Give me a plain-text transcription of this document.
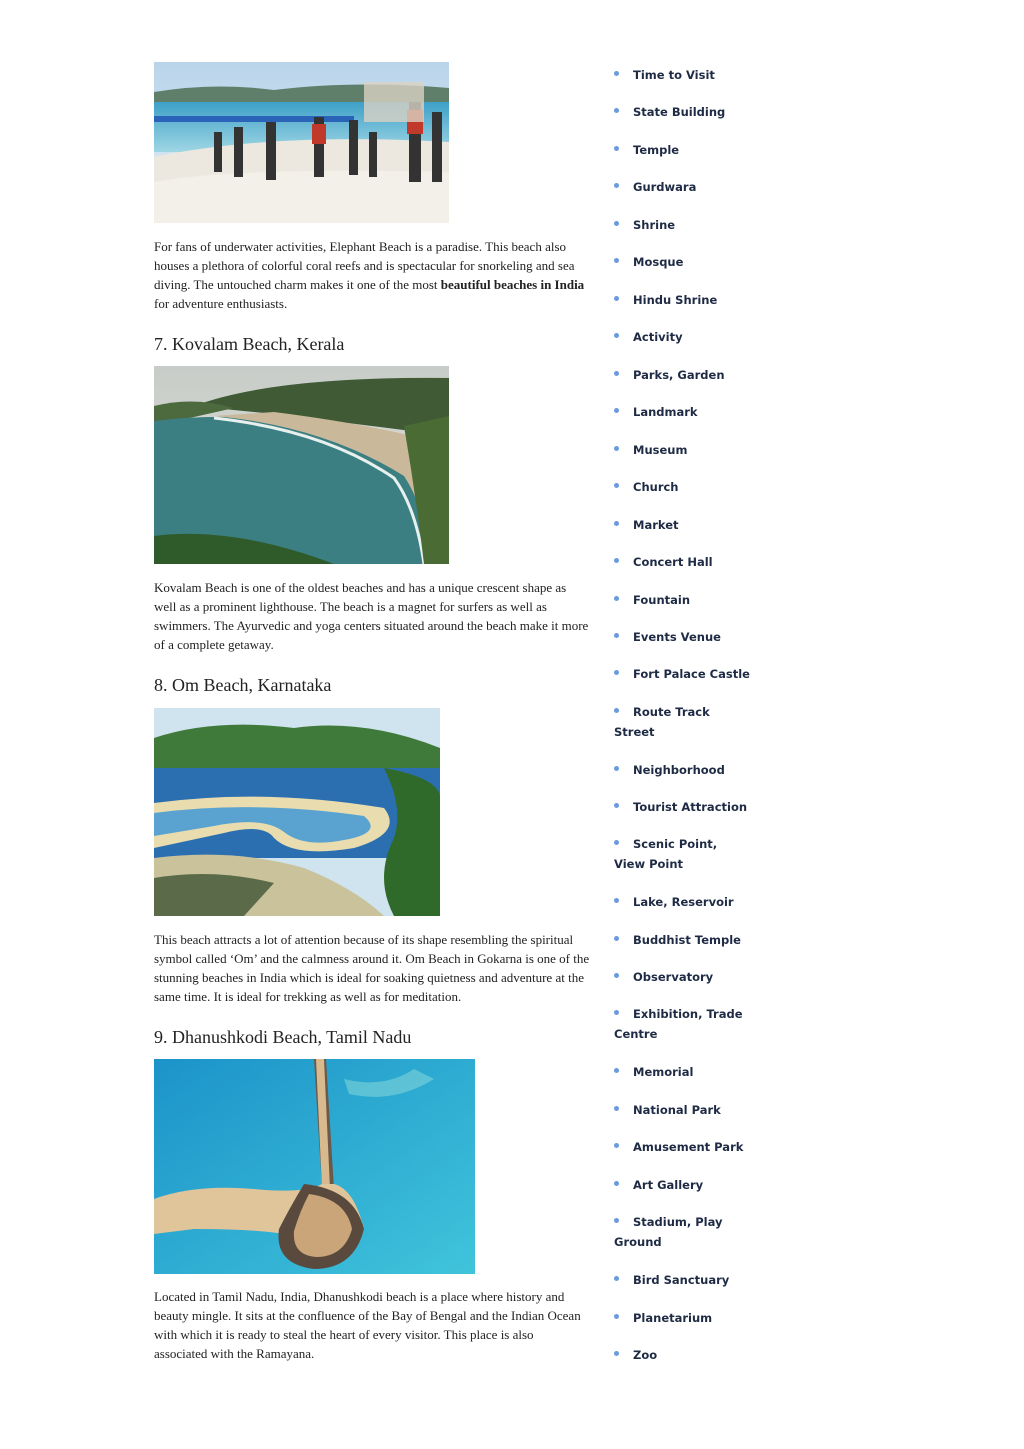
For fans of underwater activities, Elephant Beach is a paradise. This beach also houses a plethora of colorful coral reefs and is spectacular for snorkeling and sea diving. The untouched charm makes it one of the most beautiful beaches in India for adventure enthusiasts.

7. Kovalam Beach, Kerala

Kovalam Beach is one of the oldest beaches and has a unique crescent shape as well as a prominent lighthouse. The beach is a magnet for surfers as well as swimmers. The Ayurvedic and yoga centers situated around the beach make it more of a complete getaway.

8. Om Beach, Karnataka

This beach attracts a lot of attention because of its shape resembling the spiritual symbol called ‘Om’ and the calmness around it. Om Beach in Gokarna is one of the stunning beaches in India which is ideal for soaking quietness and adventure at the same time. It is ideal for trekking as well as for meditation.

9. Dhanushkodi Beach, Tamil Nadu

Located in Tamil Nadu, India, Dhanushkodi beach is a place where history and beauty mingle. It sits at the confluence of the Bay of Bengal and the Indian Ocean with which it is ready to steal the heart of every visitor. This place is also associated with the Ramayana.

Time to Visit
State Building
Temple
Gurdwara
Shrine
Mosque
Hindu Shrine
Activity
Parks, Garden
Landmark
Museum
Church
Market
Concert Hall
Fountain
Events Venue
Fort Palace Castle
Route Track Street
Neighborhood
Tourist Attraction
Scenic Point, View Point
Lake, Reservoir
Buddhist Temple
Observatory
Exhibition, Trade Centre
Memorial
National Park
Amusement Park
Art Gallery
Stadium, Play Ground
Bird Sanctuary
Planetarium
Zoo
